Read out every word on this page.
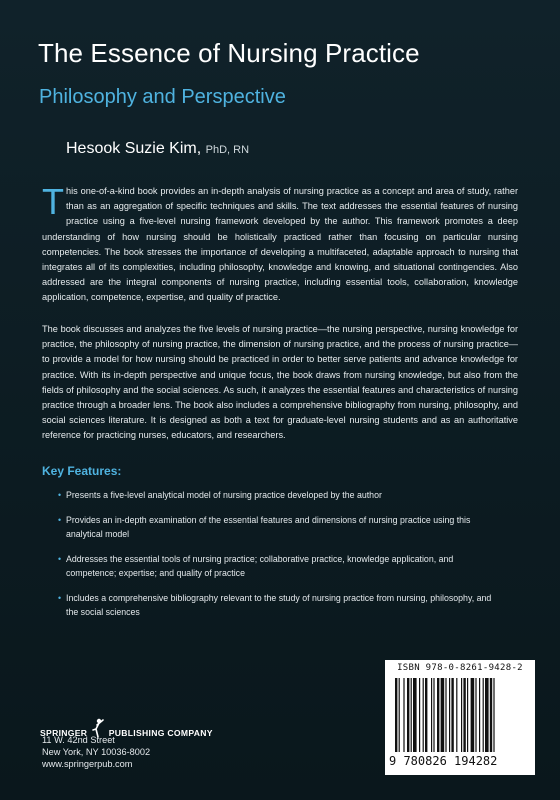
The Essence of Nursing Practice
Philosophy and Perspective
Hesook Suzie Kim, PhD, RN
This one-of-a-kind book provides an in-depth analysis of nursing practice as a concept and area of study, rather than as an aggregation of specific techniques and skills. The text addresses the essential features of nursing practice using a five-level nursing framework developed by the author. This framework promotes a deep understanding of how nursing should be holistically practiced rather than focusing on particular nursing competencies. The book stresses the importance of developing a multifaceted, adaptable approach to nursing that integrates all of its complexities, including philosophy, knowledge and knowing, and situational contingencies. Also addressed are the integral components of nursing practice, including essential tools, collaboration, knowledge application, competence, expertise, and quality of practice.
The book discusses and analyzes the five levels of nursing practice—the nursing perspective, nursing knowledge for practice, the philosophy of nursing practice, the dimension of nursing practice, and the process of nursing practice—to provide a model for how nursing should be practiced in order to better serve patients and advance knowledge for practice. With its in-depth perspective and unique focus, the book draws from nursing knowledge, but also from the fields of philosophy and the social sciences. As such, it analyzes the essential features and characteristics of nursing practice through a broader lens. The book also includes a comprehensive bibliography from nursing, philosophy, and social sciences literature. It is designed as both a text for graduate-level nursing students and as an authoritative reference for practicing nurses, educators, and researchers.
Key Features:
• Presents a five-level analytical model of nursing practice developed by the author
• Provides an in-depth examination of the essential features and dimensions of nursing practice using this analytical model
• Addresses the essential tools of nursing practice; collaborative practice, knowledge application, and competence; expertise; and quality of practice
• Includes a comprehensive bibliography relevant to the study of nursing practice from nursing, philosophy, and the social sciences
ISBN 978-0-8261-9428-2
9 780826 194282
SPRINGER PUBLISHING COMPANY
11 W. 42nd Street
New York, NY 10036-8002
www.springerpub.com
